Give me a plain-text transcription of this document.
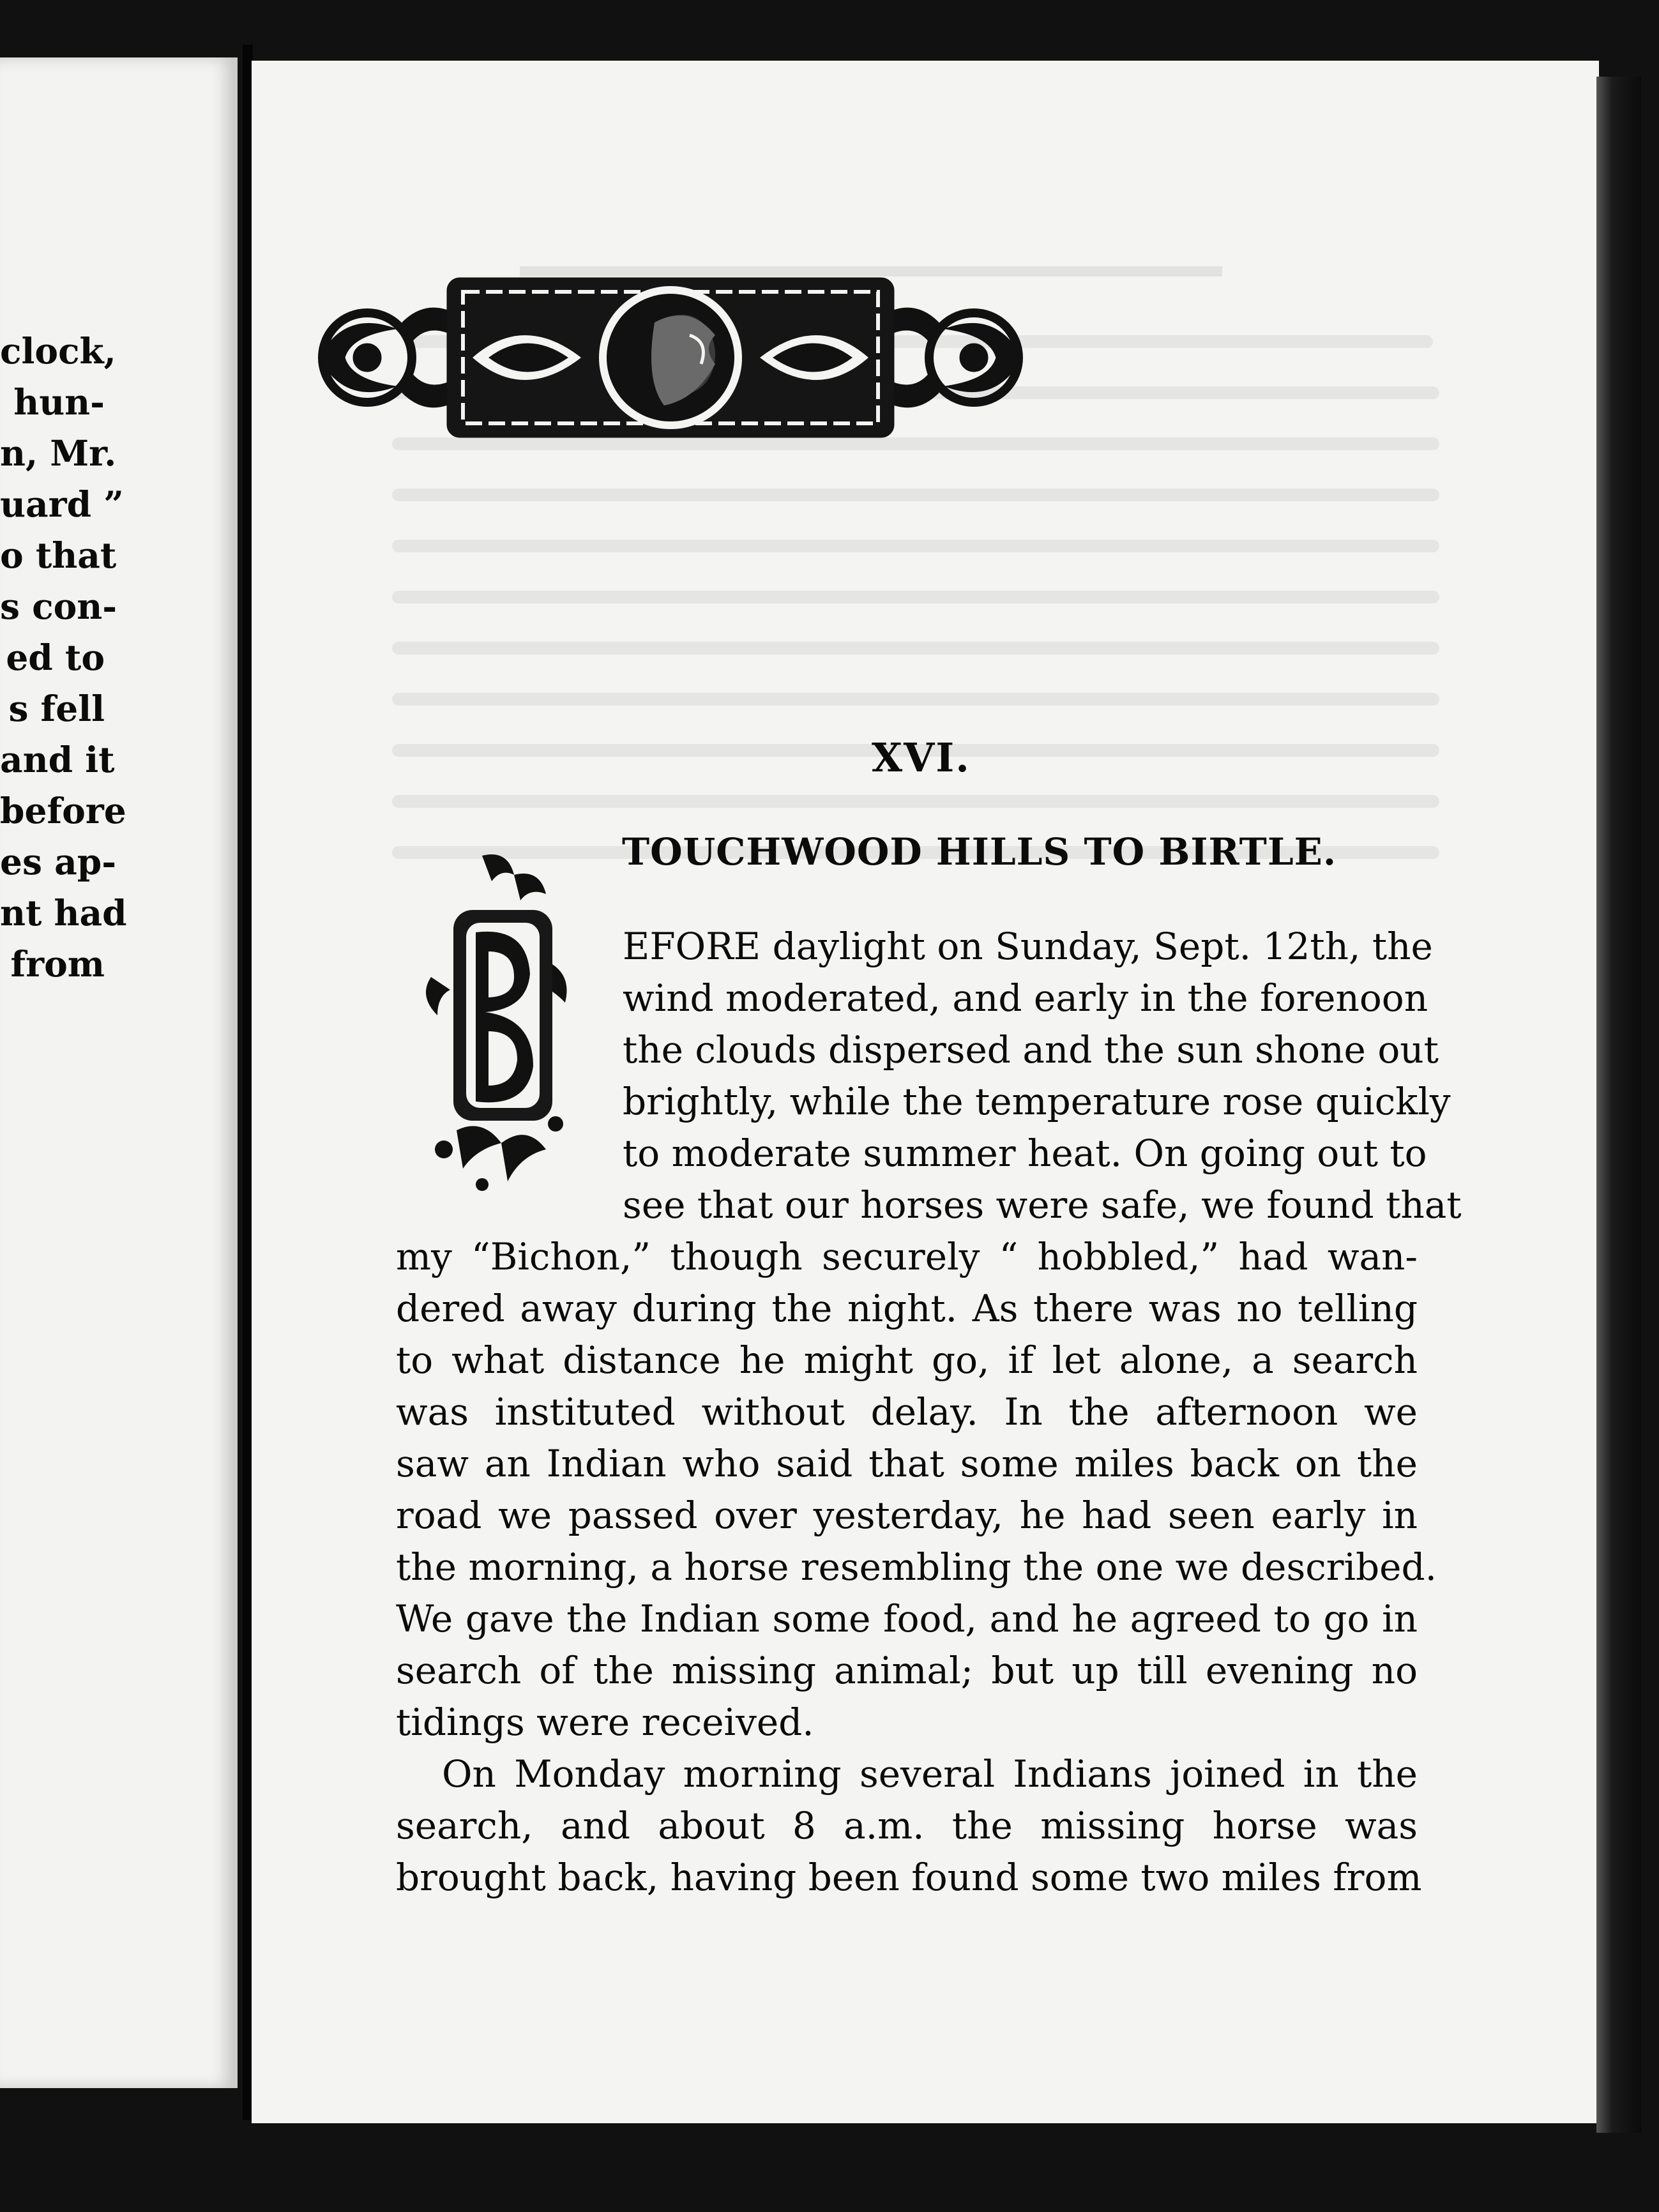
clock,
hun-
n, Mr.
uard ”
o that
s con-
ed to
s fell
and it
before
es ap-
nt had
from
XVI.
TOUCHWOOD HILLS TO BIRTLE.
EFORE daylight on Sunday, Sept. 12th, the
wind moderated, and early in the forenoon
the clouds dispersed and the sun shone out
brightly, while the temperature rose quickly
to moderate summer heat. On going out to
see that our horses were safe, we found that
my “Bichon,” though securely “ hobbled,” had wan-
dered away during the night. As there was no telling
to what distance he might go, if let alone, a search
was instituted without delay. In the afternoon we
saw an Indian who said that some miles back on the
road we passed over yesterday, he had seen early in
the morning, a horse resembling the one we described.
We gave the Indian some food, and he agreed to go in
search of the missing animal; but up till evening no
tidings were received.
On Monday morning several Indians joined in the
search, and about 8 a.m. the missing horse was
brought back, having been found some two miles from
